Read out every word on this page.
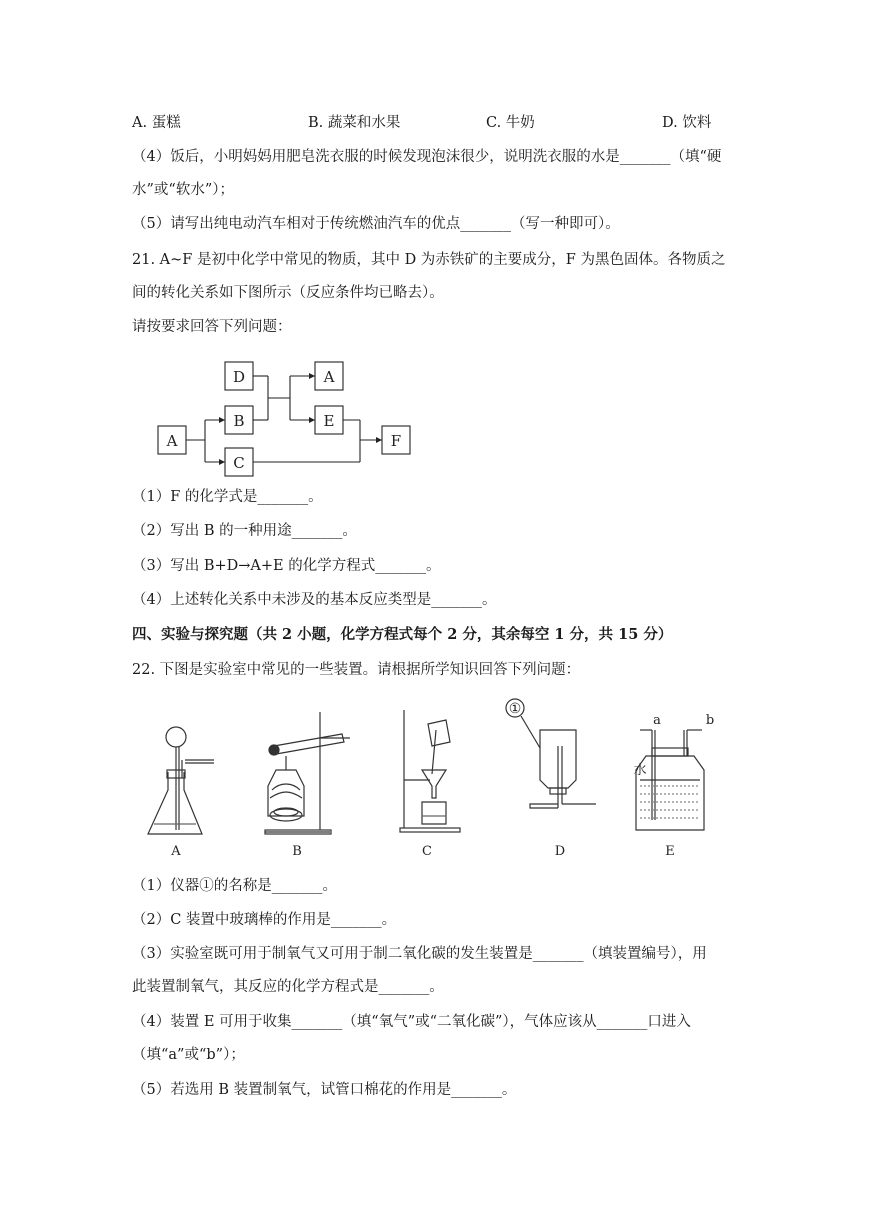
A. 蛋糕	B. 蔬菜和水果	C. 牛奶	D. 饮料
（4）饭后，小明妈妈用肥皂洗衣服的时候发现泡沫很少，说明洗衣服的水是_______（填“硬
水”或“软水”）；
（5）请写出纯电动汽车相对于传统燃油汽车的优点_______（写一种即可）。
21. A~F 是初中化学中常见的物质，其中 D 为赤铁矿的主要成分，F 为黑色固体。各物质之
间的转化关系如下图所示（反应条件均已略去）。
请按要求回答下列问题：
D
B
C
A
E
F
A
（1）F 的化学式是_______。
（2）写出 B 的一种用途_______。
（3）写出 B+D→A+E 的化学方程式_______。
（4）上述转化关系中未涉及的基本反应类型是_______。
四、实验与探究题（共 2 小题，化学方程式每个 2 分，其余每空 1 分，共 15 分）
22. 下图是实验室中常见的一些装置。请根据所学知识回答下列问题：
A	B	C	D	E
①
a	b
水
（1）仪器①的名称是_______。
（2）C 装置中玻璃棒的作用是_______。
（3）实验室既可用于制氧气又可用于制二氧化碳的发生装置是_______（填装置编号），用
此装置制氧气，其反应的化学方程式是_______。
（4）装置 E 可用于收集_______（填“氧气”或“二氧化碳”），气体应该从_______口进入
（填“a”或“b”）；
（5）若选用 B 装置制氧气，试管口棉花的作用是_______。
